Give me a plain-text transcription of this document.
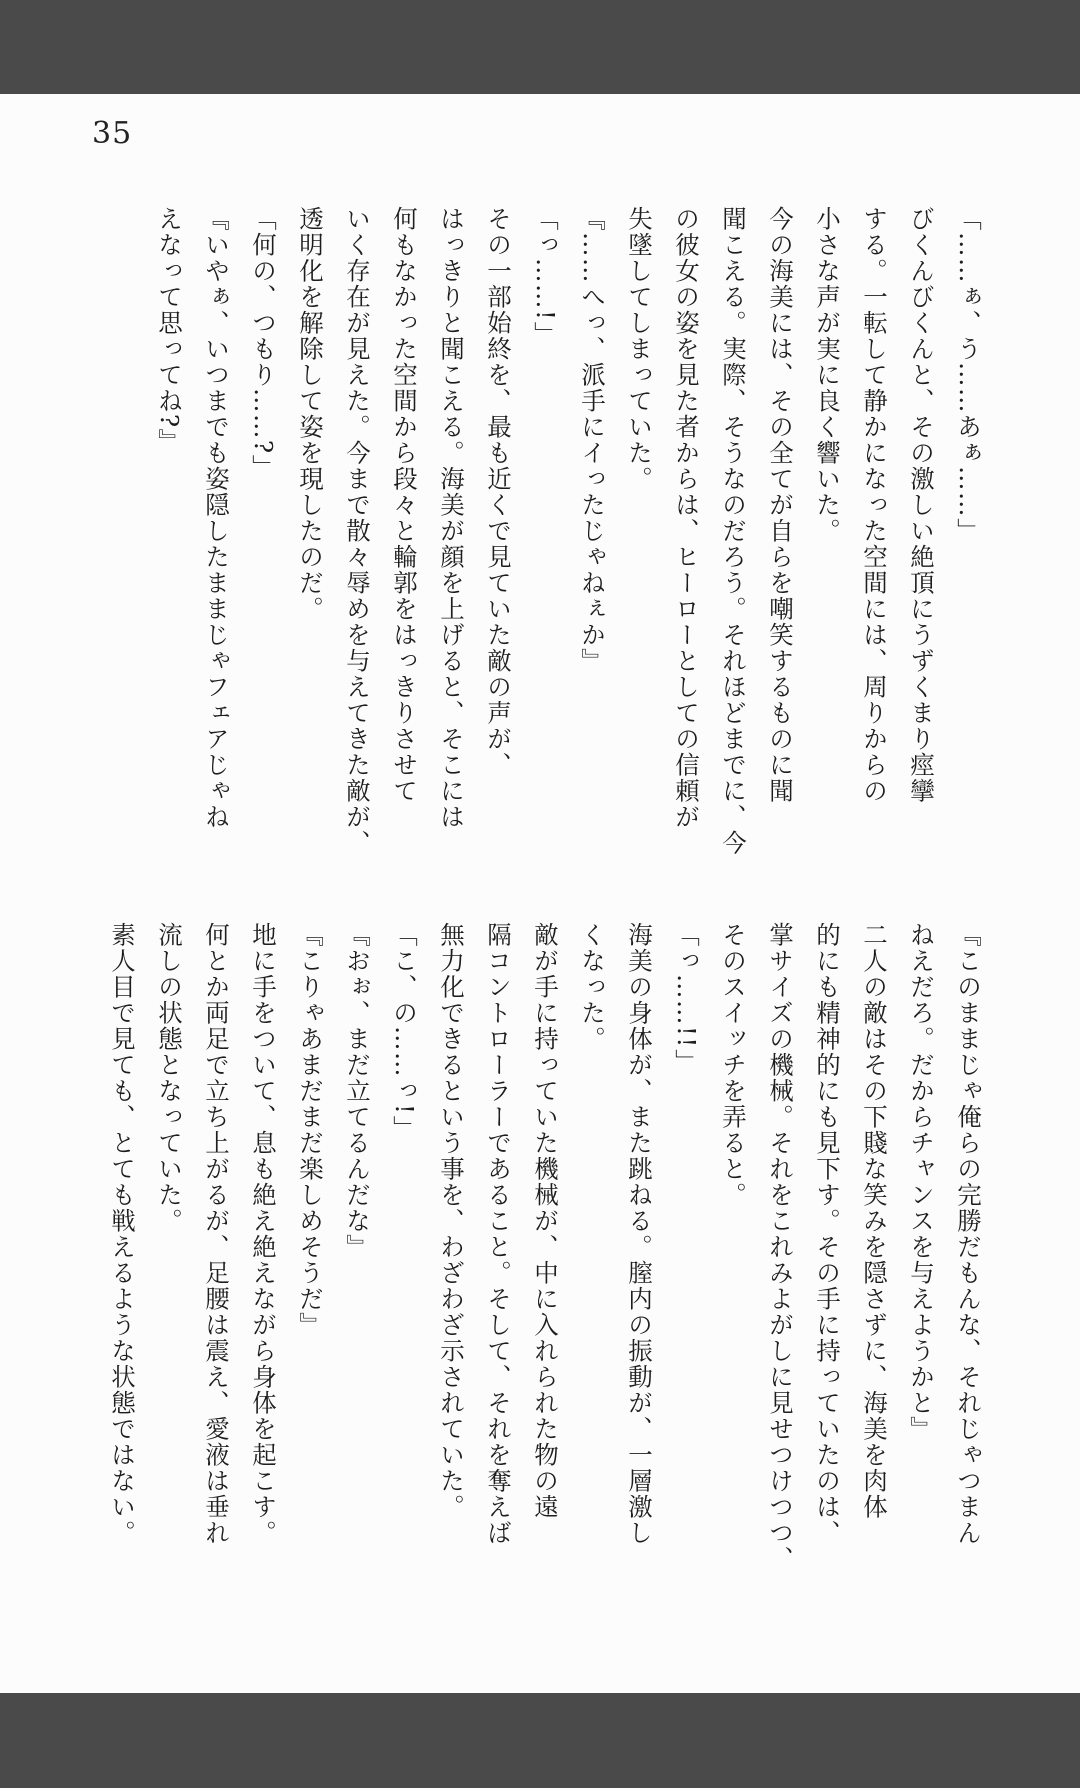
35

「……ぁ、う……あぁ……」

びくんびくんと、その激しい絶頂にうずくまり痙攣

する。一転して静かになった空間には、周りからの

小さな声が実に良く響いた。

今の海美には、その全てが自らを嘲笑するものに聞

聞こえる。実際、そうなのだろう。それほどまでに、今

の彼女の姿を見た者からは、ヒーローとしての信頼が

失墜してしまっていた。

『……へっ、派手にイったじゃねぇか』

「っ……!」

その一部始終を、最も近くで見ていた敵の声が、

はっきりと聞こえる。海美が顔を上げると、そこには

何もなかった空間から段々と輪郭をはっきりさせて

いく存在が見えた。今まで散々辱めを与えてきた敵が、

透明化を解除して姿を現したのだ。

「何の、つもり……?」

『いやぁ、いつまでも姿隠したままじゃフェアじゃね

えなって思ってね?』

『このままじゃ俺らの完勝だもんな、それじゃつまん

ねえだろ。だからチャンスを与えようかと』

二人の敵はその下賤な笑みを隠さずに、海美を肉体

的にも精神的にも見下す。その手に持っていたのは、

掌サイズの機械。それをこれみよがしに見せつけつつ、

そのスイッチを弄ると。

「っ……!!」

海美の身体が、また跳ねる。膣内の振動が、一層激し

くなった。

敵が手に持っていた機械が、中に入れられた物の遠

隔コントローラーであること。そして、それを奪えば

無力化できるという事を、わざわざ示されていた。

「こ、の……っ!」

『おぉ、まだ立てるんだな』

『こりゃあまだまだ楽しめそうだ』

地に手をついて、息も絶え絶えながら身体を起こす。

何とか両足で立ち上がるが、足腰は震え、愛液は垂れ

流しの状態となっていた。

素人目で見ても、とても戦えるような状態ではない。
